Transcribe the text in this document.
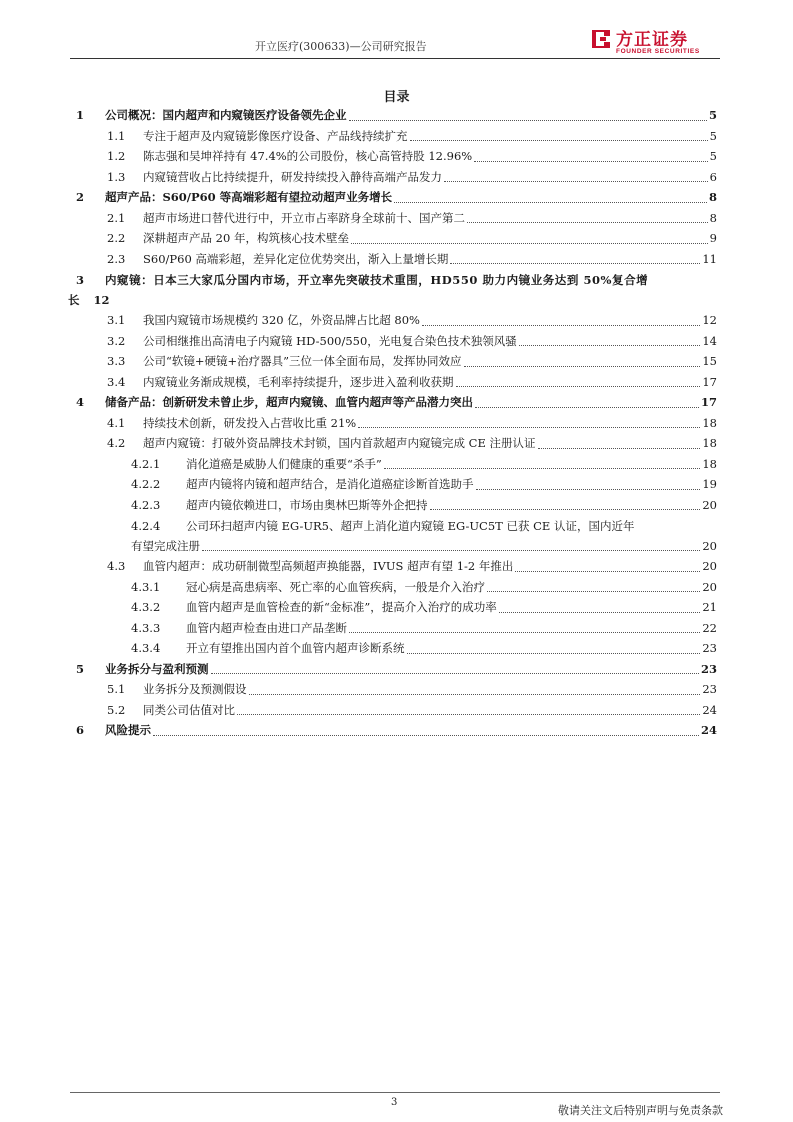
开立医疗(300633)—公司研究报告	方正证券
FOUNDER SECURITIES
目录
1	公司概况：国内超声和内窥镜医疗设备领先企业	5
1.1	专注于超声及内窥镜影像医疗设备、产品线持续扩充	5
1.2	陈志强和吴坤祥持有 47.4%的公司股份，核心高管持股 12.96%	5
1.3	内窥镜营收占比持续提升，研发持续投入静待高端产品发力	6
2	超声产品：S60/P60 等高端彩超有望拉动超声业务增长	8
2.1	超声市场进口替代进行中，开立市占率跻身全球前十、国产第二	8
2.2	深耕超声产品 20 年，构筑核心技术壁垒	9
2.3	S60/P60 高端彩超，差异化定位优势突出，渐入上量增长期	11
3 内窥镜：日本三大家瓜分国内市场，开立率先突破技术重围，HD550 助力内镜业务达到 50%复合增
长 12
3.1	我国内窥镜市场规模约 320 亿，外资品牌占比超 80%	12
3.2	公司相继推出高清电子内窥镜 HD-500/550，光电复合染色技术独领风骚	14
3.3	公司“软镜+硬镜+治疗器具”三位一体全面布局，发挥协同效应	15
3.4	内窥镜业务渐成规模，毛利率持续提升，逐步进入盈利收获期	17
4	储备产品：创新研发未曾止步，超声内窥镜、血管内超声等产品潜力突出	17
4.1	持续技术创新，研发投入占营收比重 21%	18
4.2	超声内窥镜：打破外资品牌技术封锁，国内首款超声内窥镜完成 CE 注册认证	18
4.2.1	消化道癌是威胁人们健康的重要“杀手”	18
4.2.2	超声内镜将内镜和超声结合，是消化道癌症诊断首选助手	19
4.2.3	超声内镜依赖进口，市场由奥林巴斯等外企把持	20
4.2.4 公司环扫超声内镜 EG-UR5、超声上消化道内窥镜 EG-UC5T 已获 CE 认证，国内近年
有望完成注册	20
4.3	血管内超声：成功研制微型高频超声换能器，IVUS 超声有望 1-2 年推出	20
4.3.1	冠心病是高患病率、死亡率的心血管疾病，一般是介入治疗	20
4.3.2	血管内超声是血管检查的新“金标准”，提高介入治疗的成功率	21
4.3.3	血管内超声检查由进口产品垄断	22
4.3.4	开立有望推出国内首个血管内超声诊断系统	23
5	业务拆分与盈利预测	23
5.1	业务拆分及预测假设	23
5.2	同类公司估值对比	24
6	风险提示	24
3
敬请关注文后特别声明与免责条款
